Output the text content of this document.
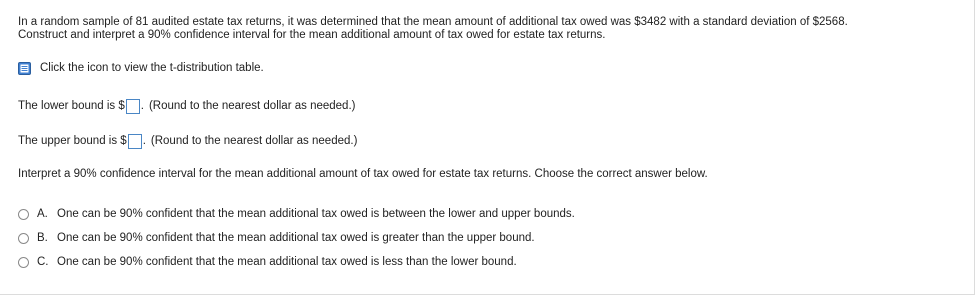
In a random sample of 81 audited estate tax returns, it was determined that the mean amount of additional tax owed was $3482 with a standard deviation of $2568.
Construct and interpret a 90% confidence interval for the mean additional amount of tax owed for estate tax returns.
Click the icon to view the t-distribution table.
The lower bound is $ . (Round to the nearest dollar as needed.)
The upper bound is $ . (Round to the nearest dollar as needed.)
Interpret a 90% confidence interval for the mean additional amount of tax owed for estate tax returns. Choose the correct answer below.
A. One can be 90% confident that the mean additional tax owed is between the lower and upper bounds.
B. One can be 90% confident that the mean additional tax owed is greater than the upper bound.
C. One can be 90% confident that the mean additional tax owed is less than the lower bound.
